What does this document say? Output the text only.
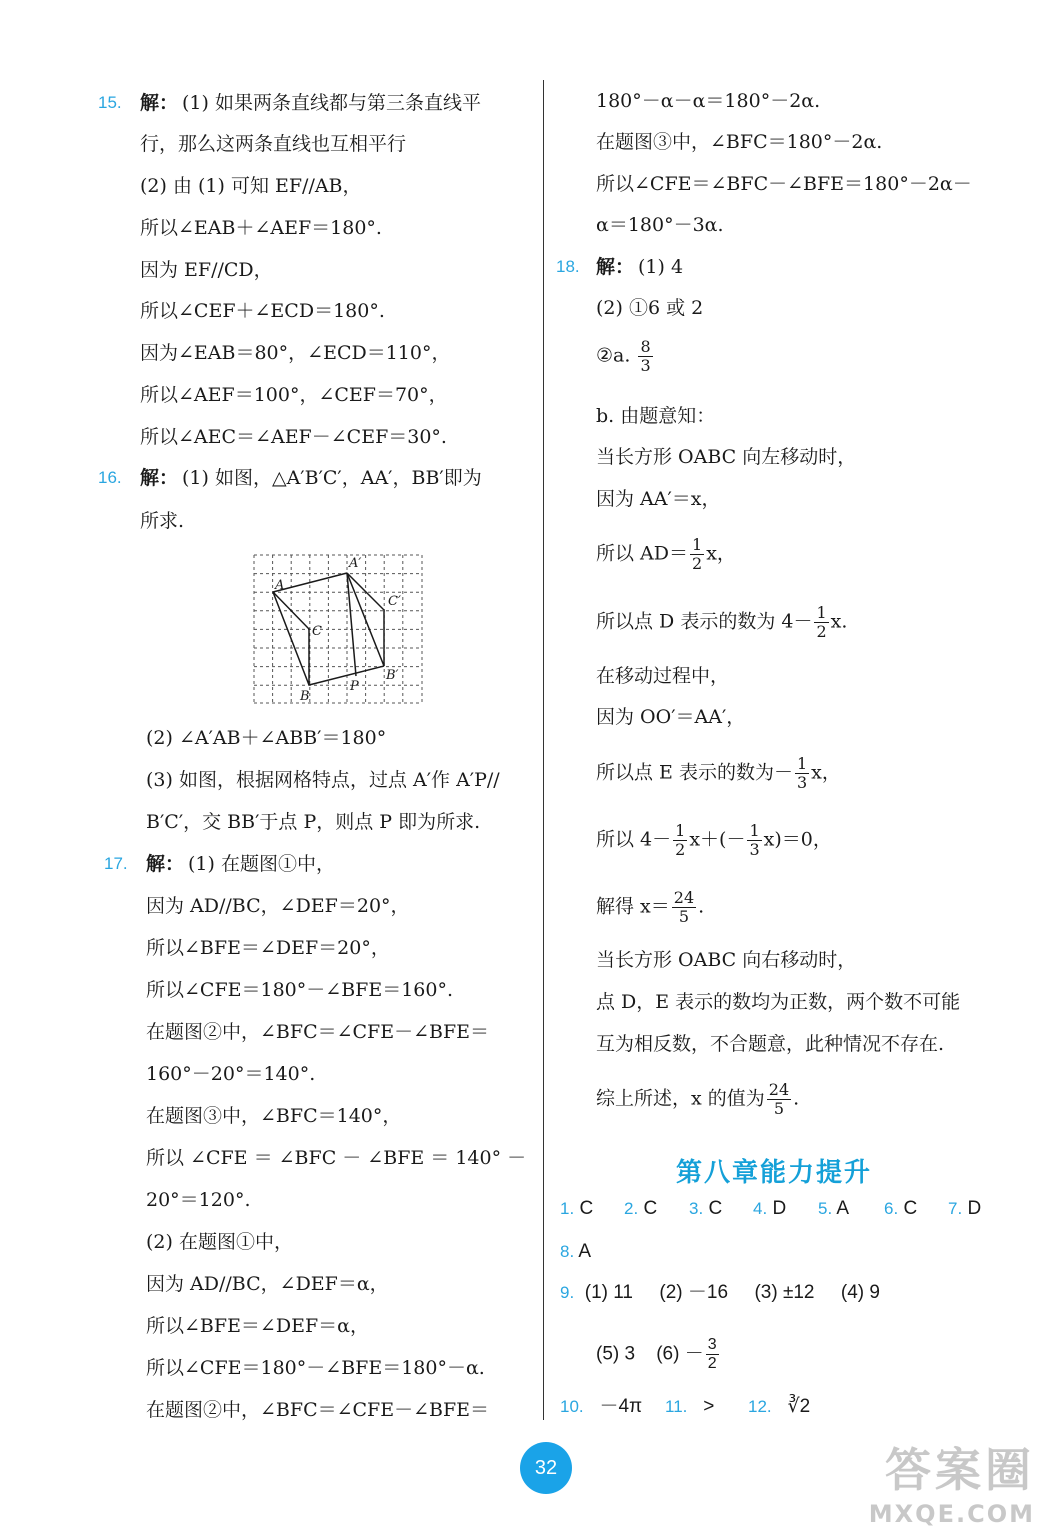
15. 解： (1) 如果两条直线都与第三条直线平
行，那么这两条直线也互相平行
(2) 由 (1) 可知 EF//AB，
所以∠EAB＋∠AEF＝180°.
因为 EF//CD，
所以∠CEF＋∠ECD＝180°.
因为∠EAB＝80°，∠ECD＝110°，
所以∠AEF＝100°，∠CEF＝70°，
所以∠AEC＝∠AEF－∠CEF＝30°.
16. 解： (1) 如图，△A′B′C′，AA′，BB′即为
所求.
A
A′
C
C′
B
B′
P
(2) ∠A′AB＋∠ABB′＝180°
(3) 如图，根据网格特点，过点 A′作 A′P//
B′C′，交 BB′于点 P，则点 P 即为所求.
17. 解： (1) 在题图①中，
因为 AD//BC，∠DEF＝20°，
所以∠BFE＝∠DEF＝20°，
所以∠CFE＝180°－∠BFE＝160°.
在题图②中，∠BFC＝∠CFE－∠BFE＝
160°－20°＝140°.
在题图③中，∠BFC＝140°，
所以 ∠CFE ＝ ∠BFC － ∠BFE ＝ 140° －
20°＝120°.
(2) 在题图①中，
因为 AD//BC，∠DEF＝α，
所以∠BFE＝∠DEF＝α，
所以∠CFE＝180°－∠BFE＝180°－α.
在题图②中，∠BFC＝∠CFE－∠BFE＝
180°－α－α＝180°－2α.
在题图③中，∠BFC＝180°－2α.
所以∠CFE＝∠BFC－∠BFE＝180°－2α－
α＝180°－3α.
18. 解： (1) 4
(2) ①6 或 2
②a. $\frac{8}{3}$
b. 由题意知：
当长方形 OABC 向左移动时，
因为 AA′＝x，
所以 $AD= \frac{1}{2}$ x，
所以点 D 表示的数为 $4- \frac{1}{2} x$.
在移动过程中，
因为 OO′＝AA′，
所以点 E 表示的数为－ $\frac{1}{3}$ x，
所以 $4- \frac{1}{2} x+(- \frac{1}{3} x)=0$，
解得 $x= \frac{24}{5}$ .
当长方形 OABC 向右移动时，
点 D，E 表示的数均为正数，两个数不可能
互为相反数，不合题意，此种情况不存在.
综上所述，x 的值为 $\frac{24}{5}$ .
第八章能力提升
1. C 2. C 3. C 4. D 5. A 6. C 7. D
8. A
9. (1) 11 (2) －16 (3) ±12 (4) 9
(5) 3 $(6) - \frac{3}{2}$
10. －4π 11. > 12. ∛2
32	答案圈
MXQE.COM
